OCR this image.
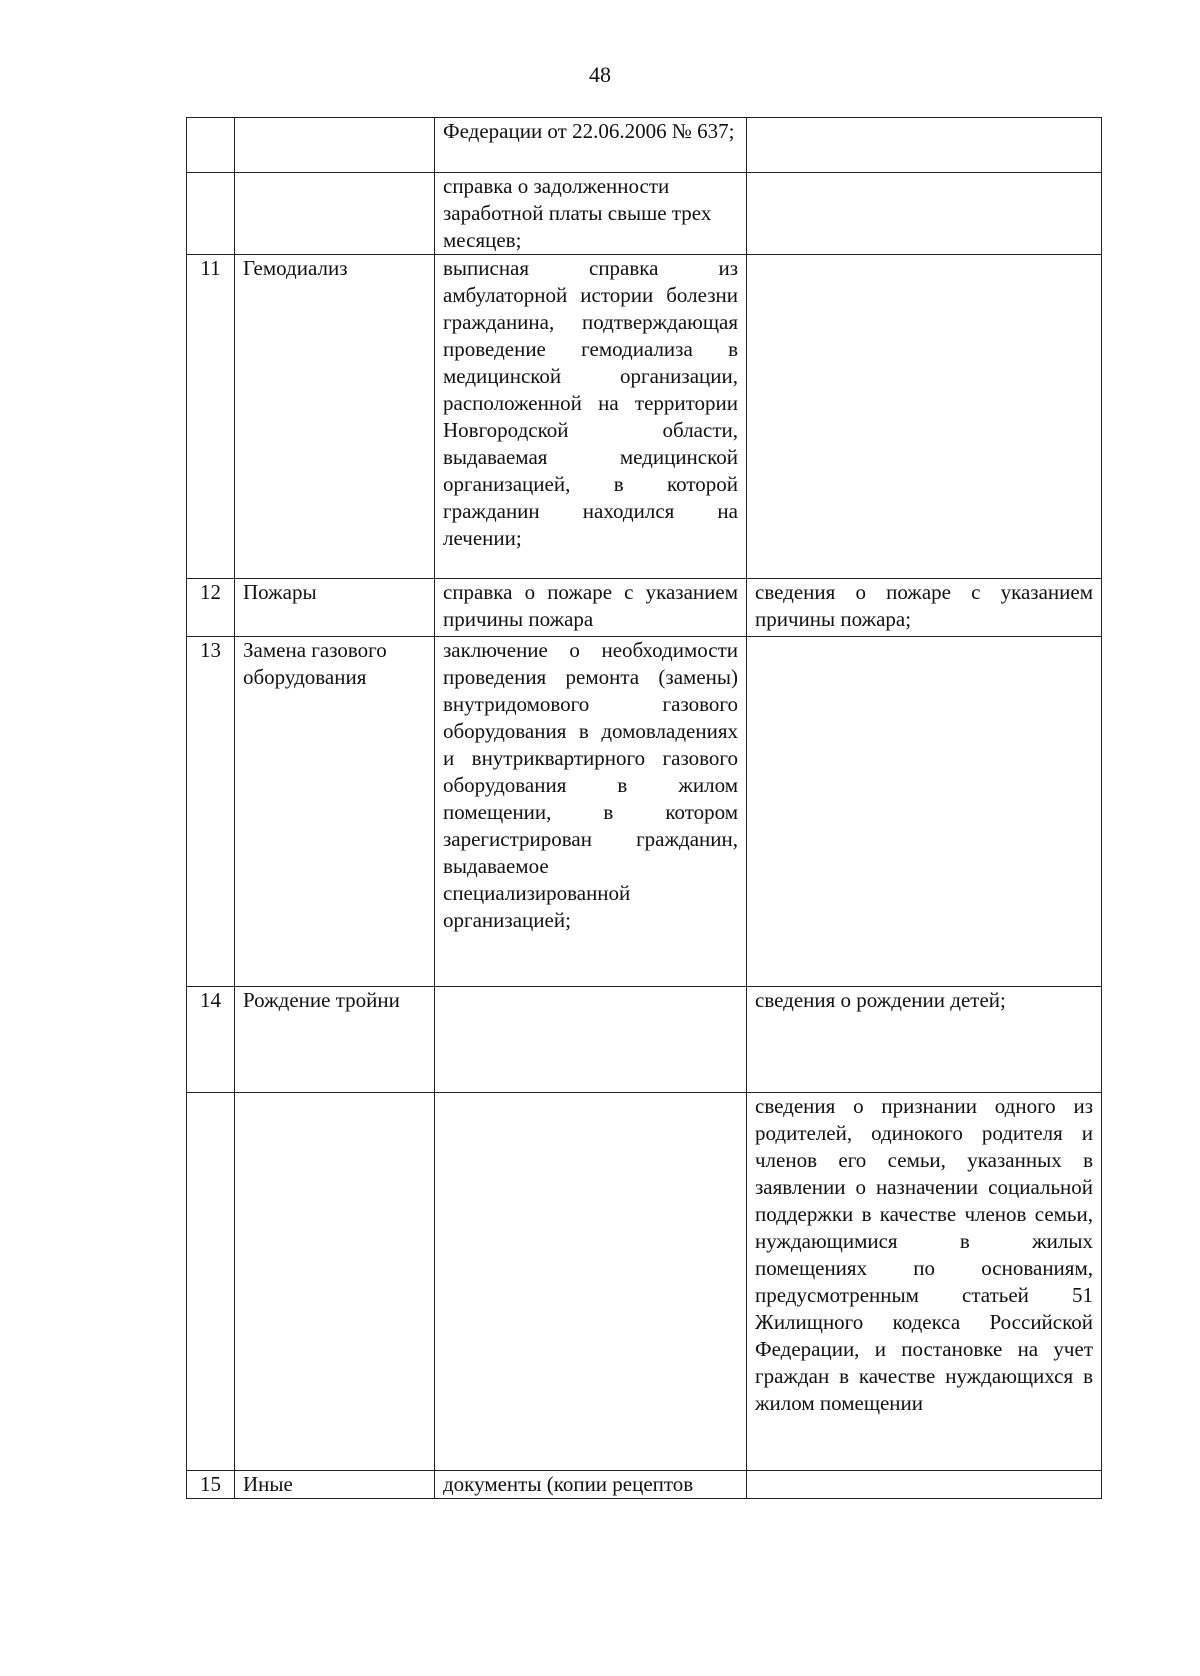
48
		Федерации от 22.06.2006 № 637;	
		справка о задолженности заработной платы свыше трех месяцев;	
11	Гемодиализ	выписная справка из амбулаторной истории болезни гражданина, подтверждающая проведение гемодиализа в медицинской организации, расположенной на территории Новгородской области, выдаваемая медицинской организацией, в которой гражданин находился на лечении;	
12	Пожары	справка о пожаре с указанием причины пожара	сведения о пожаре с указанием причины пожара;
13	Замена газового оборудования	заключение о необходимости проведения ремонта (замены) внутридомового газового оборудования в домовладениях и внутриквартирного газового оборудования в жилом помещении, в котором зарегистрирован гражданин, выдаваемое специализированной организацией;	
14	Рождение тройни		сведения о рождении детей;
			сведения о признании одного из родителей, одинокого родителя и членов его семьи, указанных в заявлении о назначении социальной поддержки в качестве членов семьи, нуждающимися в жилых помещениях по основаниям, предусмотренным статьей 51 Жилищного кодекса Российской Федерации, и постановке на учет граждан в качестве нуждающихся в жилом помещении
15	Иные	документы (копии рецептов	
